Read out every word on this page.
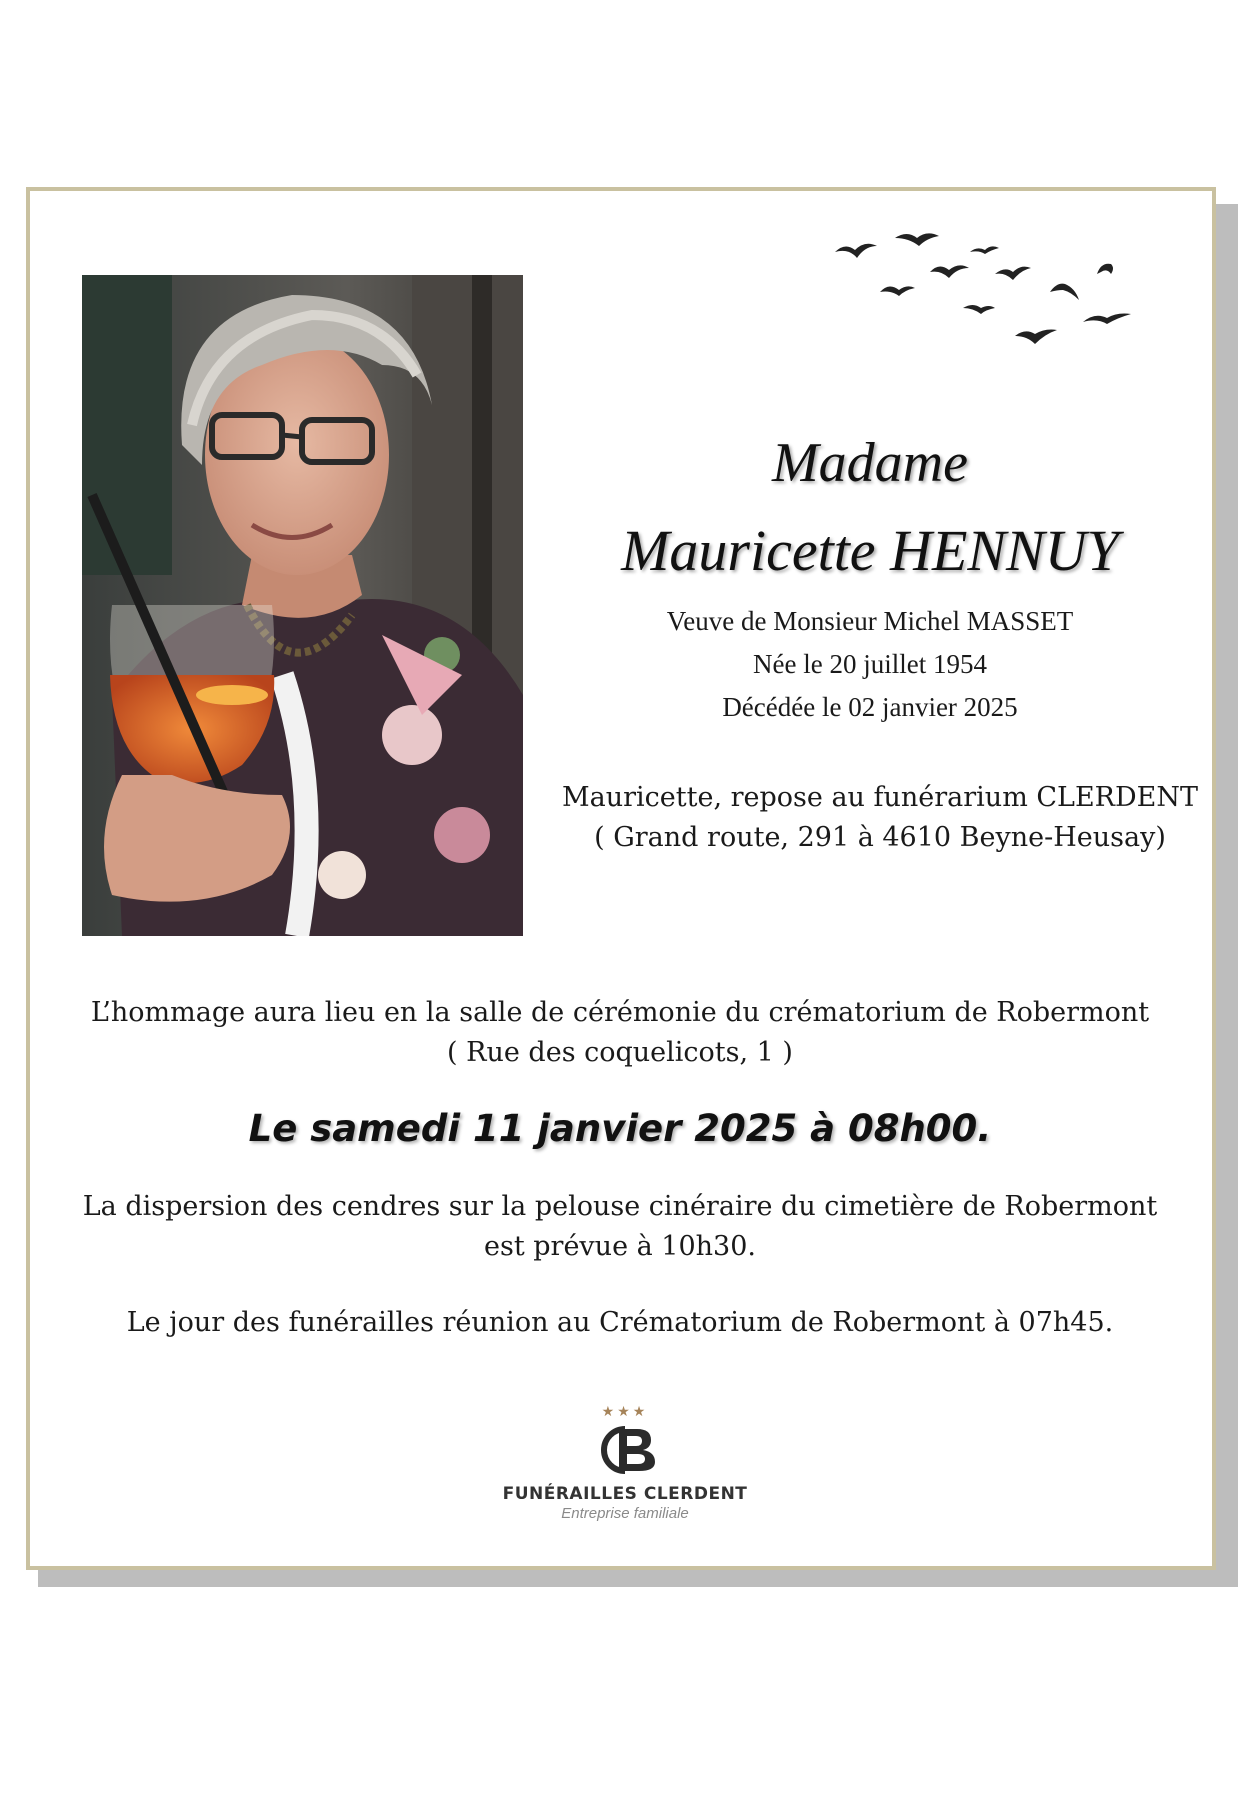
Madame
Mauricette HENNUY
Veuve de Monsieur Michel MASSET
Née le 20 juillet 1954
Décédée le 02 janvier 2025
Mauricette, repose au funérarium CLERDENT
( Grand route, 291 à 4610 Beyne-Heusay)
L’hommage aura lieu en la salle de cérémonie du crématorium de Robermont
( Rue des coquelicots, 1 )
Le samedi 11 janvier 2025 à 08h00.
La dispersion des cendres sur la pelouse cinéraire du cimetière de Robermont
est prévue à 10h30.
Le jour des funérailles réunion au Crématorium de Robermont à 07h45.
★★★
FUNÉRAILLES CLERDENT
Entreprise familiale
